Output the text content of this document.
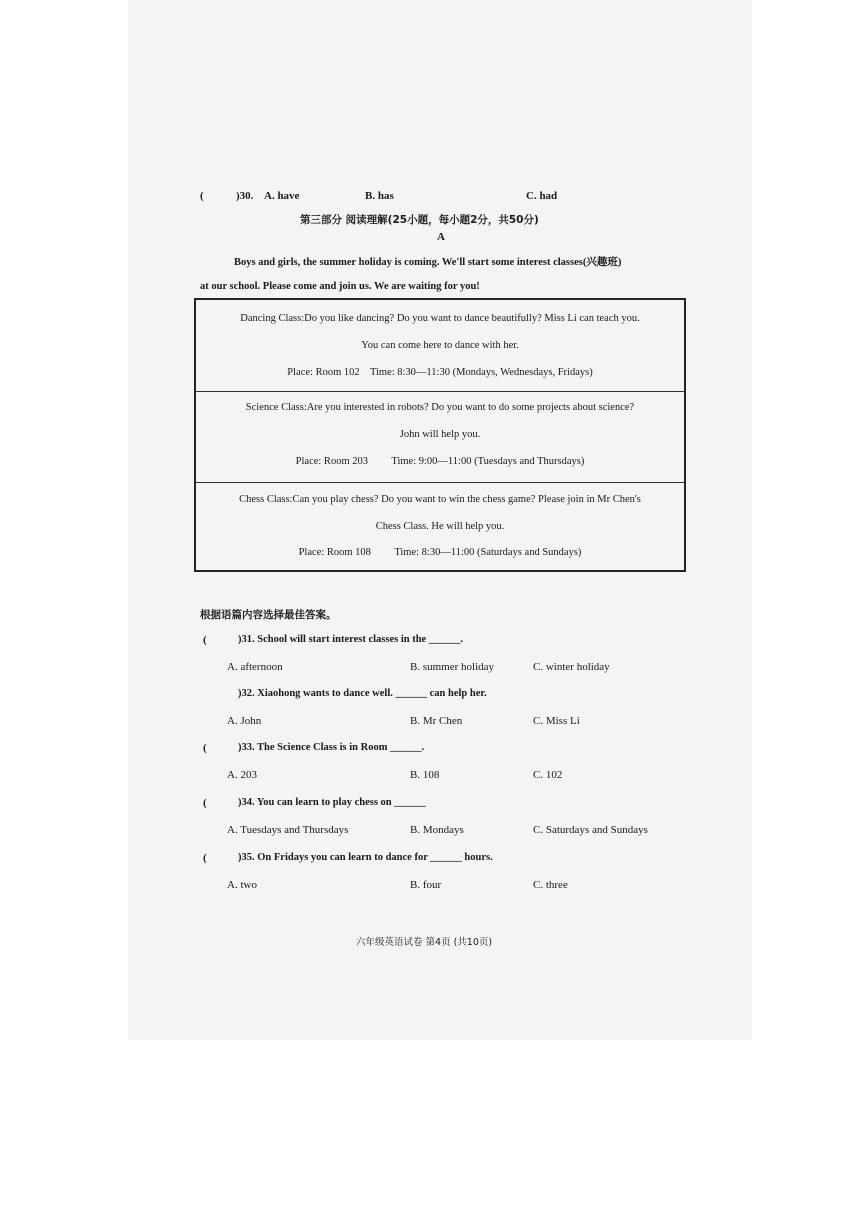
(	)30. A. have	B. has	C. had
第三部分 阅读理解(25小题，每小题2分，共50分)
A
Boys and girls, the summer holiday is coming. We'll start some interest classes(兴趣班)
at our school. Please come and join us. We are waiting for you!
Dancing Class:Do you like dancing? Do you want to dance beautifully? Miss Li can teach you.
You can come here to dance with her.
Place: Room 102 Time: 8:30—11:30 (Mondays, Wednesdays, Fridays)
Science Class:Are you interested in robots? Do you want to do some projects about science?
John will help you.
Place: Room 203 Time: 9:00—11:00 (Tuesdays and Thursdays)
Chess Class:Can you play chess? Do you want to win the chess game? Please join in Mr Chen's
Chess Class. He will help you.
Place: Room 108 Time: 8:30—11:00 (Saturdays and Sundays)
根据语篇内容选择最佳答案。
(	)31. School will start interest classes in the ______.
A. afternoon	B. summer holiday	C. winter holiday
)32. Xiaohong wants to dance well. ______ can help her.
A. John	B. Mr Chen	C. Miss Li
(	)33. The Science Class is in Room ______.
A. 203	B. 108	C. 102
(	)34. You can learn to play chess on ______
A. Tuesdays and Thursdays	B. Mondays	C. Saturdays and Sundays
(	)35. On Fridays you can learn to dance for ______ hours.
A. two	B. four	C. three
六年级英语试卷 第4页 (共10页)
